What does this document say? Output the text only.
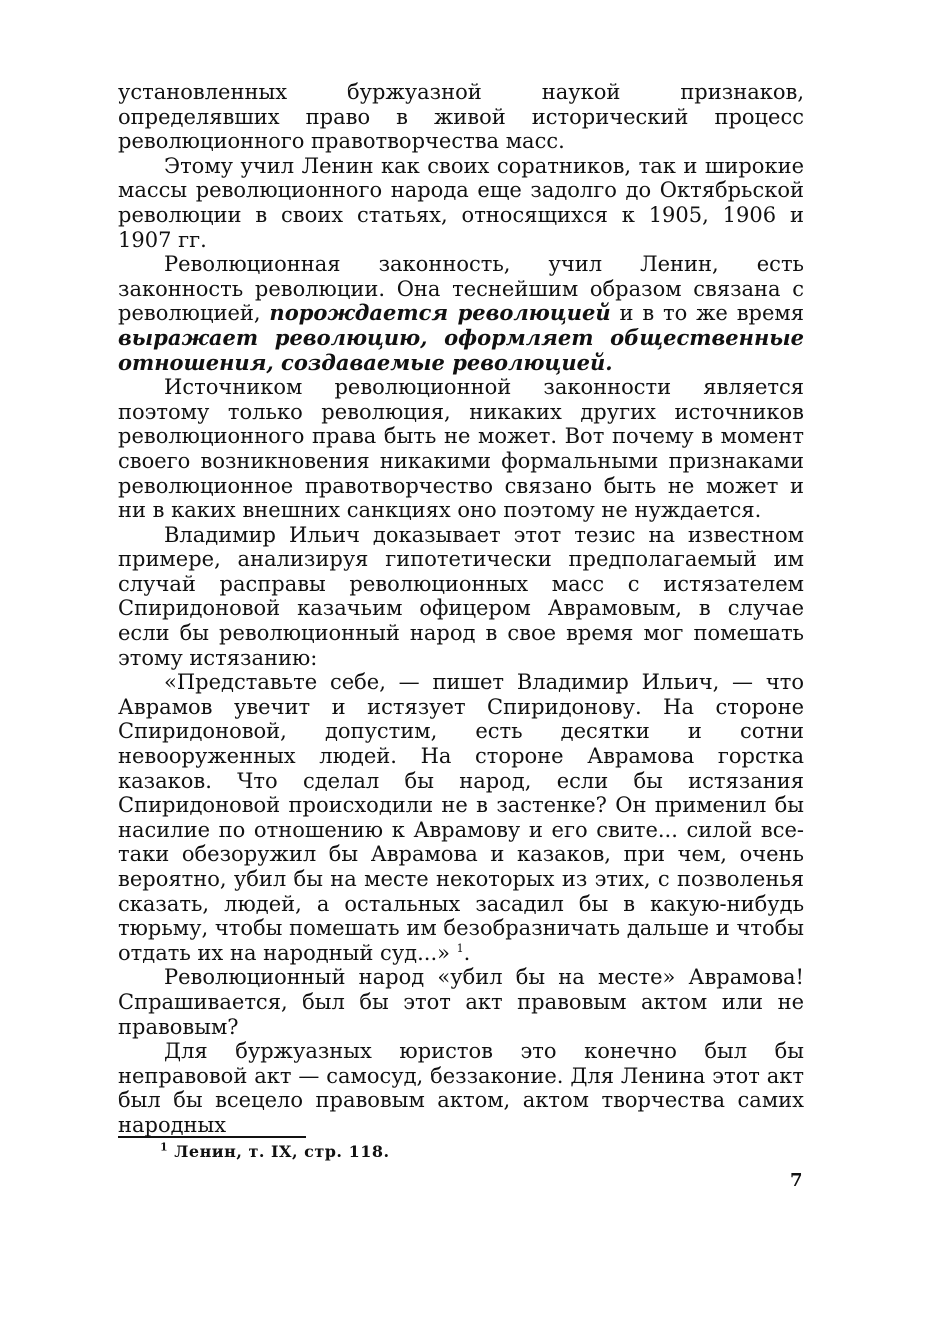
установленных буржуазной наукой признаков, определявших право в живой исторический процесс революционного правотворчества масс.

Этому учил Ленин как своих соратников, так и широкие массы революционного народа еще задолго до Октябрьской революции в своих статьях, относящихся к 1905, 1906 и 1907 гг.

Революционная законность, учил Ленин, есть законность революции. Она теснейшим образом связана с революцией, порождается революцией и в то же время выражает революцию, оформляет общественные отношения, создаваемые революцией.

Источником революционной законности является поэтому только революция, никаких других источников революционного права быть не может. Вот почему в момент своего возникновения никакими формальными признаками революционное правотворчество связано быть не может и ни в каких внешних санкциях оно поэтому не нуждается.

Владимир Ильич доказывает этот тезис на известном примере, анализируя гипотетически предполагаемый им случай расправы революционных масс с истязателем Спиридоновой казачьим офицером Аврамовым, в случае если бы революционный народ в свое время мог помешать этому истязанию:

«Представьте себе, — пишет Владимир Ильич, — что Аврамов увечит и истязует Спиридонову. На стороне Спиридоновой, допустим, есть десятки и сотни невооруженных людей. На стороне Аврамова горстка казаков. Что сделал бы народ, если бы истязания Спиридоновой происходили не в застенке? Он применил бы насилие по отношению к Аврамову и его свите... силой все-таки обезоружил бы Аврамова и казаков, при чем, очень вероятно, убил бы на месте некоторых из этих, с позволенья сказать, людей, а остальных засадил бы в какую-нибудь тюрьму, чтобы помешать им безобразничать дальше и чтобы отдать их на народный суд...» $^1$.

Революционный народ «убил бы на месте» Аврамова! Спрашивается, был бы этот акт правовым актом или не правовым?

Для буржуазных юристов это конечно был бы неправовой акт — самосуд, беззаконие. Для Ленина этот акт был бы всецело правовым актом, актом творчества самих народных

$^1$ Ленин, т. IX, стр. 118.
7
